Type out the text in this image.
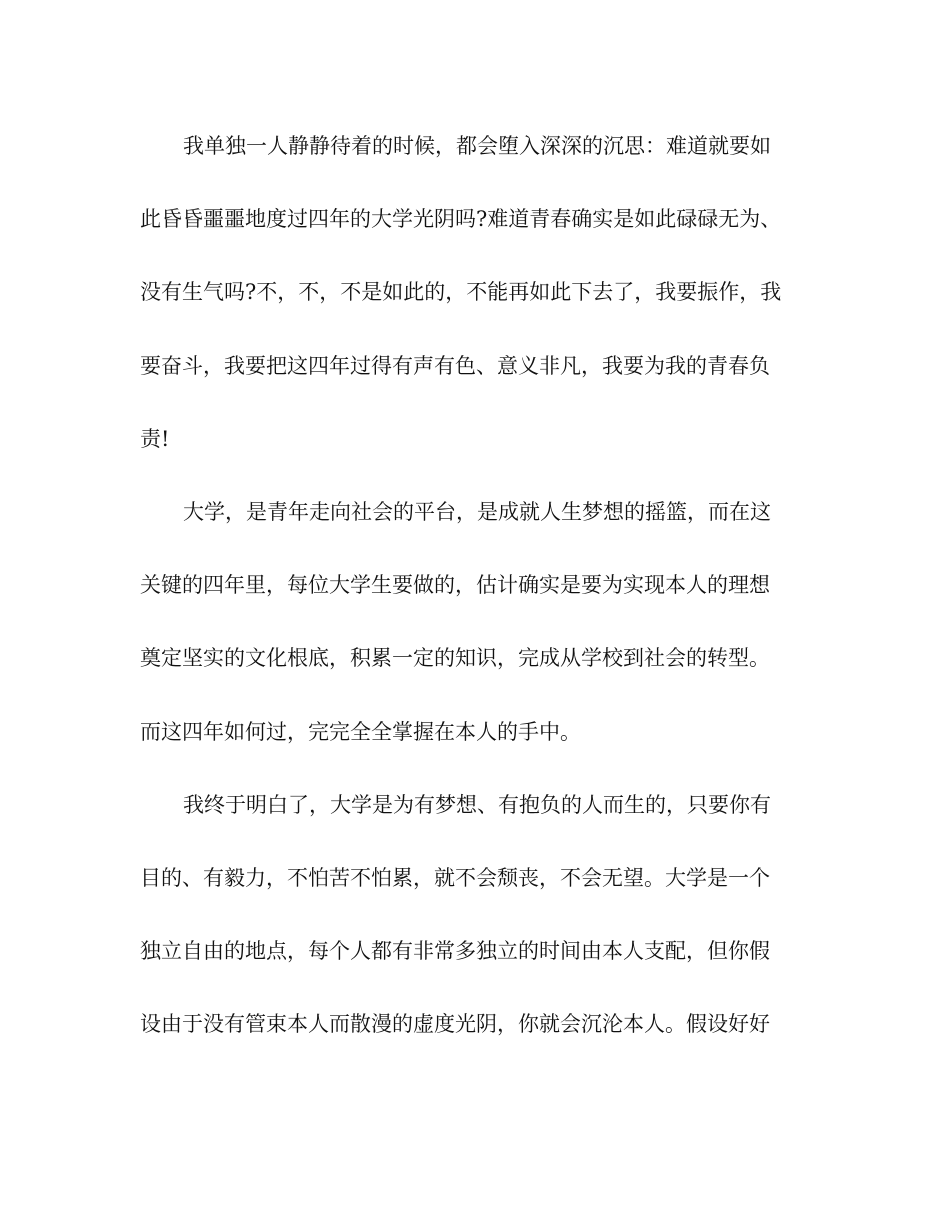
我单独一人静静待着的时候，都会堕入深深的沉思：难道就要如
此昏昏噩噩地度过四年的大学光阴吗?难道青春确实是如此碌碌无为、
没有生气吗?不，不，不是如此的，不能再如此下去了，我要振作，我
要奋斗，我要把这四年过得有声有色、意义非凡，我要为我的青春负
责!
大学，是青年走向社会的平台，是成就人生梦想的摇篮，而在这
关键的四年里，每位大学生要做的，估计确实是要为实现本人的理想
奠定坚实的文化根底，积累一定的知识，完成从学校到社会的转型。
而这四年如何过，完完全全掌握在本人的手中。
我终于明白了，大学是为有梦想、有抱负的人而生的，只要你有
目的、有毅力，不怕苦不怕累，就不会颓丧，不会无望。大学是一个
独立自由的地点，每个人都有非常多独立的时间由本人支配，但你假
设由于没有管束本人而散漫的虚度光阴，你就会沉沦本人。假设好好
